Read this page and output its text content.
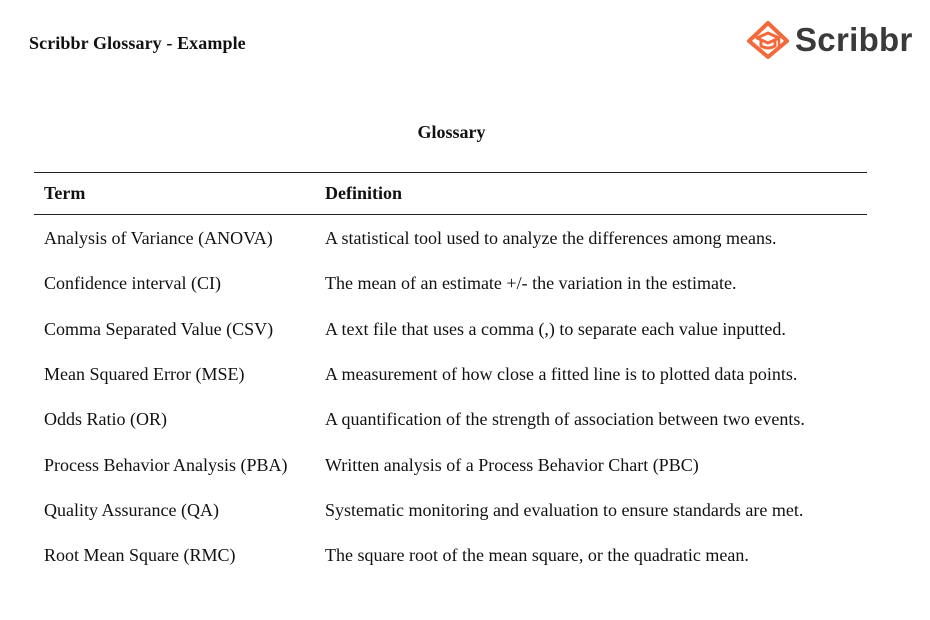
Scribbr Glossary - Example	Scribbr
Glossary
Term	Definition
Analysis of Variance (ANOVA)	A statistical tool used to analyze the differences among means.
Confidence interval (CI)	The mean of an estimate +/- the variation in the estimate.
Comma Separated Value (CSV)	A text file that uses a comma (,) to separate each value inputted.
Mean Squared Error (MSE)	A measurement of how close a fitted line is to plotted data points.
Odds Ratio (OR)	A quantification of the strength of association between two events.
Process Behavior Analysis (PBA)	Written analysis of a Process Behavior Chart (PBC)
Quality Assurance (QA)	Systematic monitoring and evaluation to ensure standards are met.
Root Mean Square (RMC)	The square root of the mean square, or the quadratic mean.
